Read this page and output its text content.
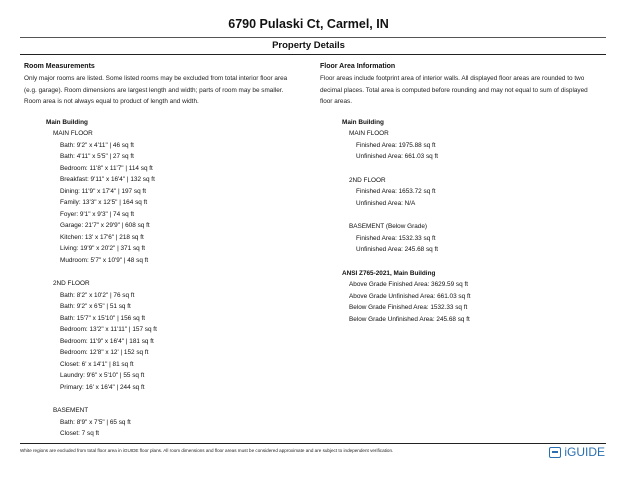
6790 Pulaski Ct, Carmel, IN
Property Details
Room Measurements
Only major rooms are listed. Some listed rooms may be excluded from total interior floor area
(e.g. garage). Room dimensions are largest length and width; parts of room may be smaller.
Room area is not always equal to product of length and width.
Main Building
MAIN FLOOR
Bath: 9'2" x 4'11" | 46 sq ft
Bath: 4'11" x 5'5" | 27 sq ft
Bedroom: 11'8" x 11'7" | 114 sq ft
Breakfast: 9'11" x 16'4" | 132 sq ft
Dining: 11'9" x 17'4" | 197 sq ft
Family: 13'3" x 12'5" | 164 sq ft
Foyer: 9'1" x 9'3" | 74 sq ft
Garage: 21'7" x 29'9" | 608 sq ft
Kitchen: 13' x 17'6" | 218 sq ft
Living: 19'9" x 20'2" | 371 sq ft
Mudroom: 5'7" x 10'9" | 48 sq ft
2ND FLOOR
Bath: 8'2" x 10'2" | 76 sq ft
Bath: 9'2" x 6'5" | 51 sq ft
Bath: 15'7" x 15'10" | 156 sq ft
Bedroom: 13'2" x 11'11" | 157 sq ft
Bedroom: 11'9" x 16'4" | 181 sq ft
Bedroom: 12'8" x 12' | 152 sq ft
Closet: 6' x 14'1" | 81 sq ft
Laundry: 9'6" x 5'10" | 55 sq ft
Primary: 16' x 16'4" | 244 sq ft
BASEMENT
Bath: 8'9" x 7'5" | 65 sq ft
Closet: 7 sq ft
Floor Area Information
Floor areas include footprint area of interior walls. All displayed floor areas are rounded to two
decimal places. Total area is computed before rounding and may not equal to sum of displayed
floor areas.
Main Building
MAIN FLOOR
Finished Area: 1975.88 sq ft
Unfinished Area: 661.03 sq ft
2ND FLOOR
Finished Area: 1653.72 sq ft
Unfinished Area: N/A
BASEMENT (Below Grade)
Finished Area: 1532.33 sq ft
Unfinished Area: 245.68 sq ft
ANSI Z765-2021, Main Building
Above Grade Finished Area: 3629.59 sq ft
Above Grade Unfinished Area: 661.03 sq ft
Below Grade Finished Area: 1532.33 sq ft
Below Grade Unfinished Area: 245.68 sq ft
White regions are excluded from total floor area in iGUIDE floor plans. All room dimensions and floor areas must be considered approximate and are subject to independent verification.	iGUIDE
